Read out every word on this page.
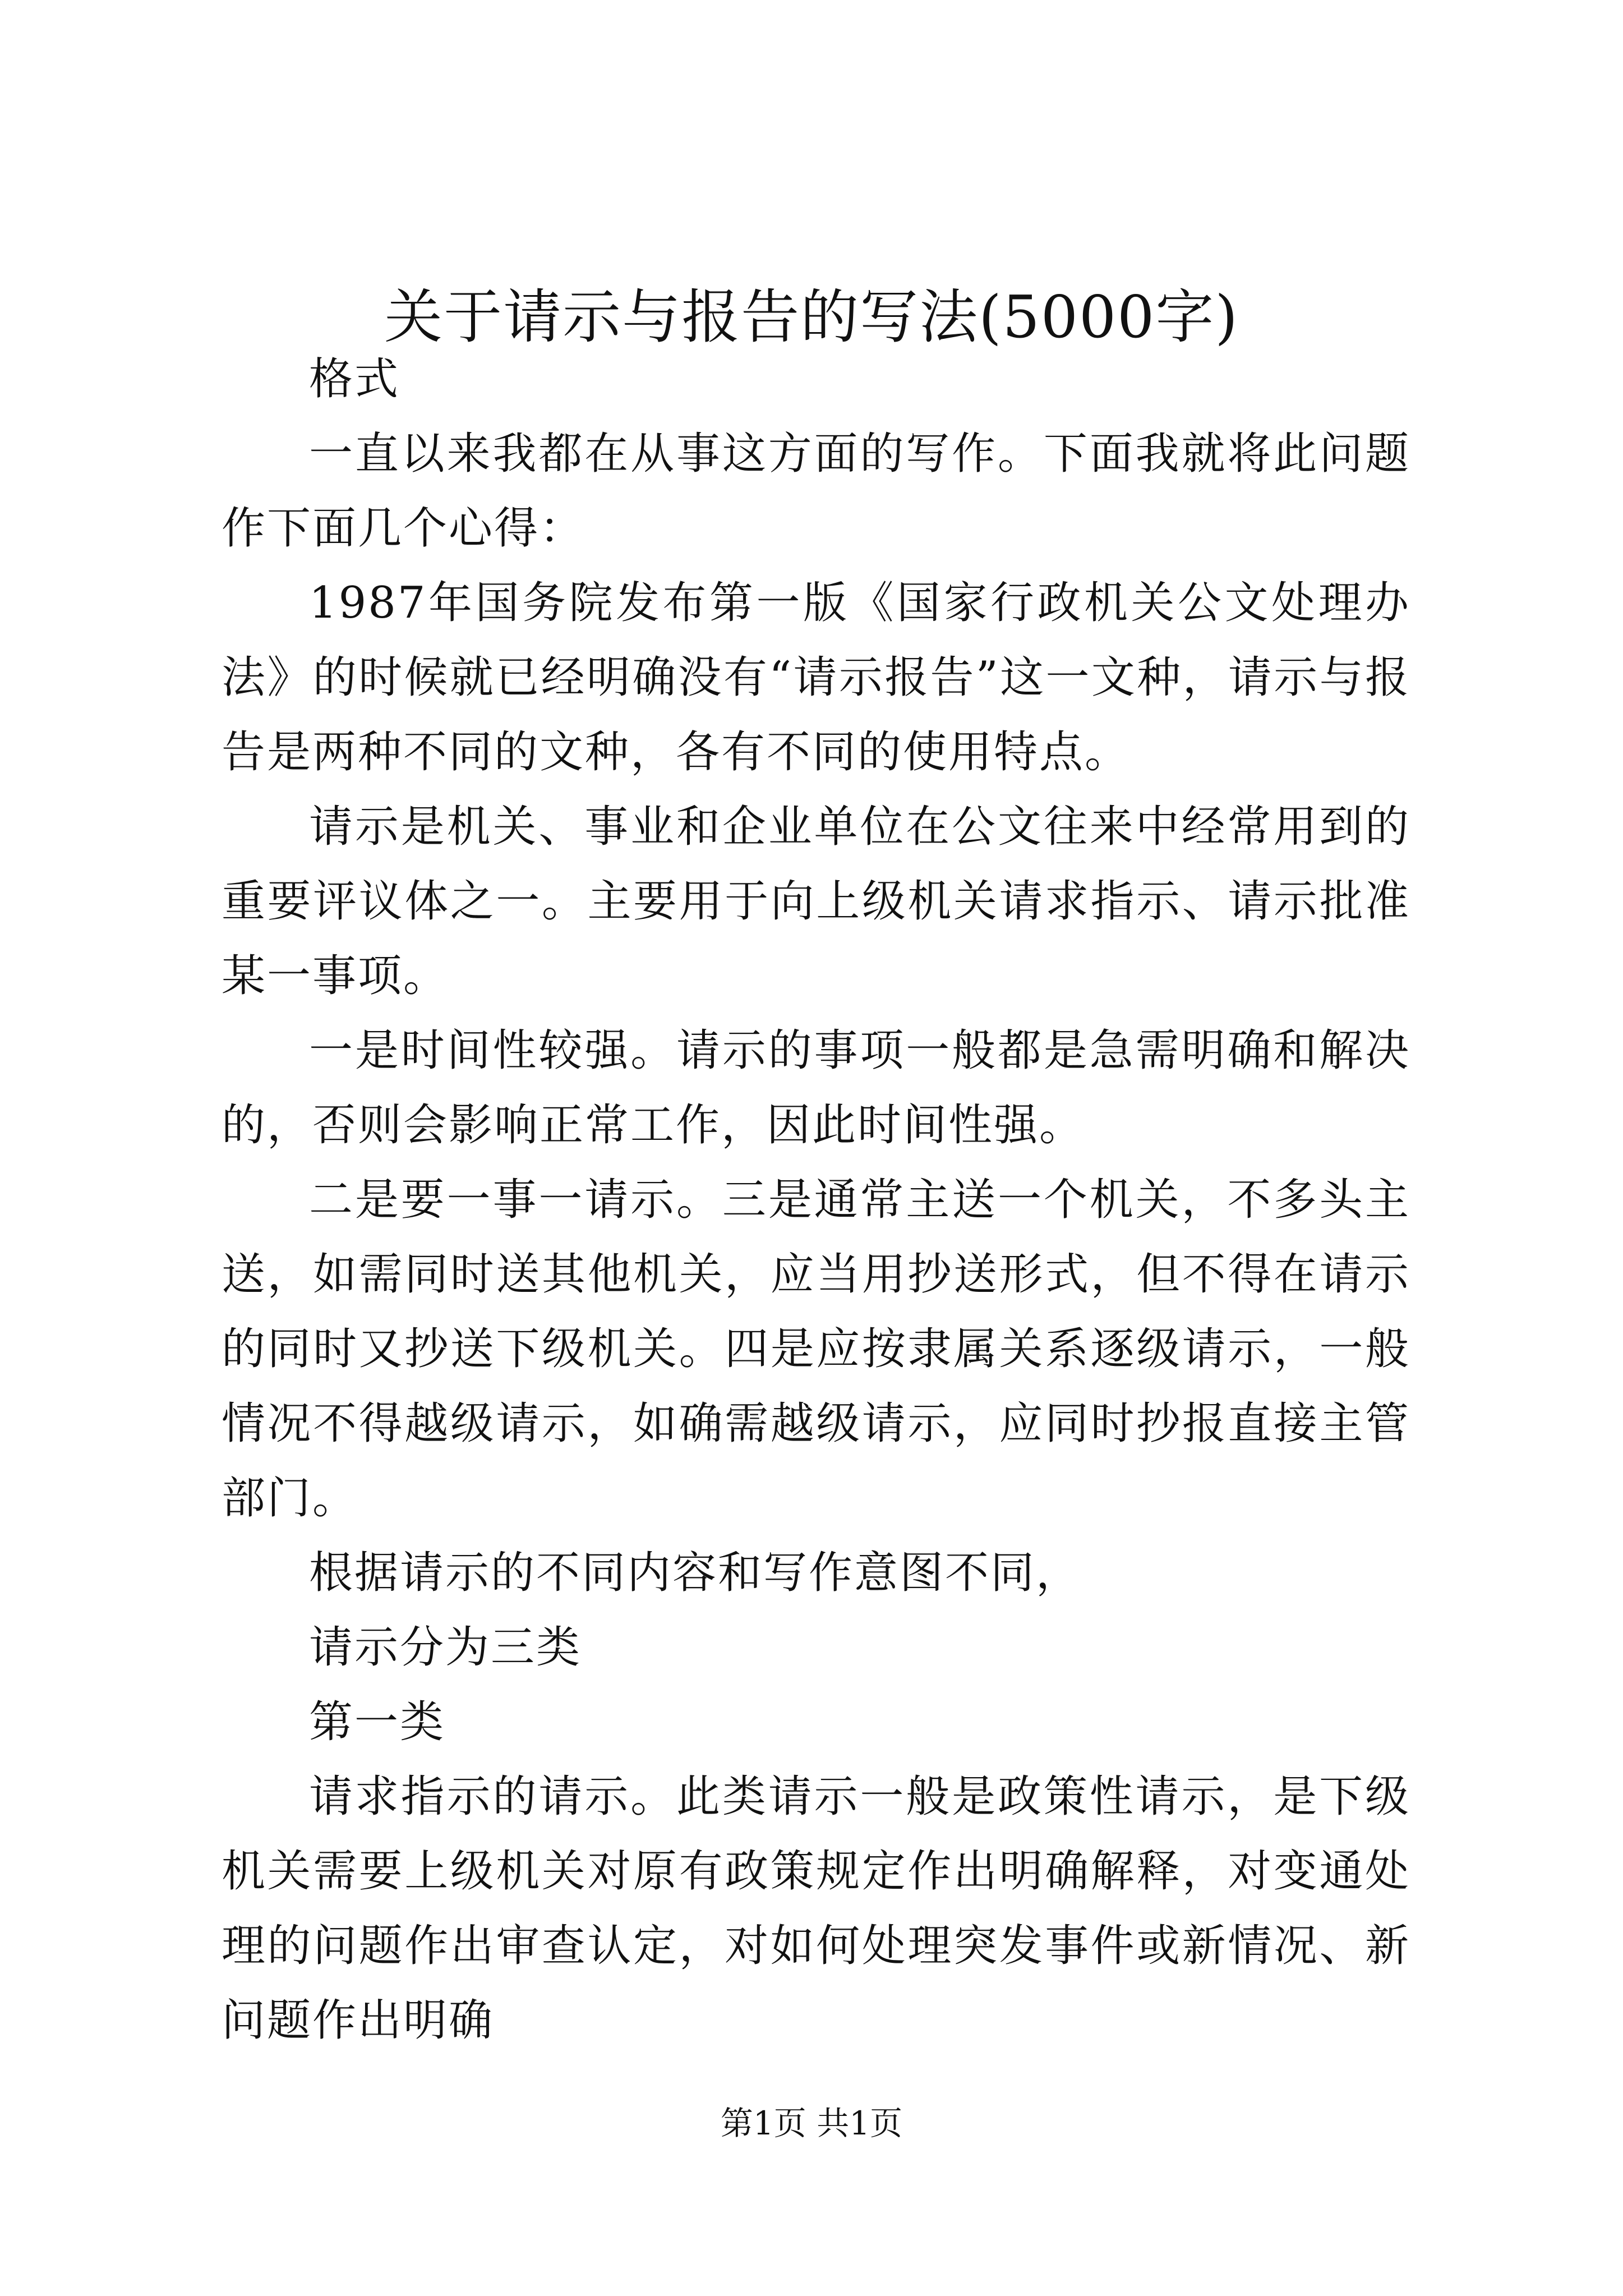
关于请示与报告的写法(5000字)

格式

一直以来我都在从事这方面的写作。下面我就将此问题作下面几个心得：

1987年国务院发布第一版《国家行政机关公文处理办法》的时候就已经明确没有“请示报告”这一文种，请示与报告是两种不同的文种，各有不同的使用特点。

请示是机关、事业和企业单位在公文往来中经常用到的重要评议体之一。主要用于向上级机关请求指示、请示批准某一事项。

一是时间性较强。请示的事项一般都是急需明确和解决的，否则会影响正常工作，因此时间性强。

二是要一事一请示。三是通常主送一个机关，不多头主送，如需同时送其他机关，应当用抄送形式，但不得在请示的同时又抄送下级机关。四是应按隶属关系逐级请示，一般情况不得越级请示，如确需越级请示，应同时抄报直接主管部门。

根据请示的不同内容和写作意图不同，

请示分为三类

第一类

请求指示的请示。此类请示一般是政策性请示，是下级机关需要上级机关对原有政策规定作出明确解释，对变通处理的问题作出审查认定，对如何处理突发事件或新情况、新问题作出明确

第1页 共1页
